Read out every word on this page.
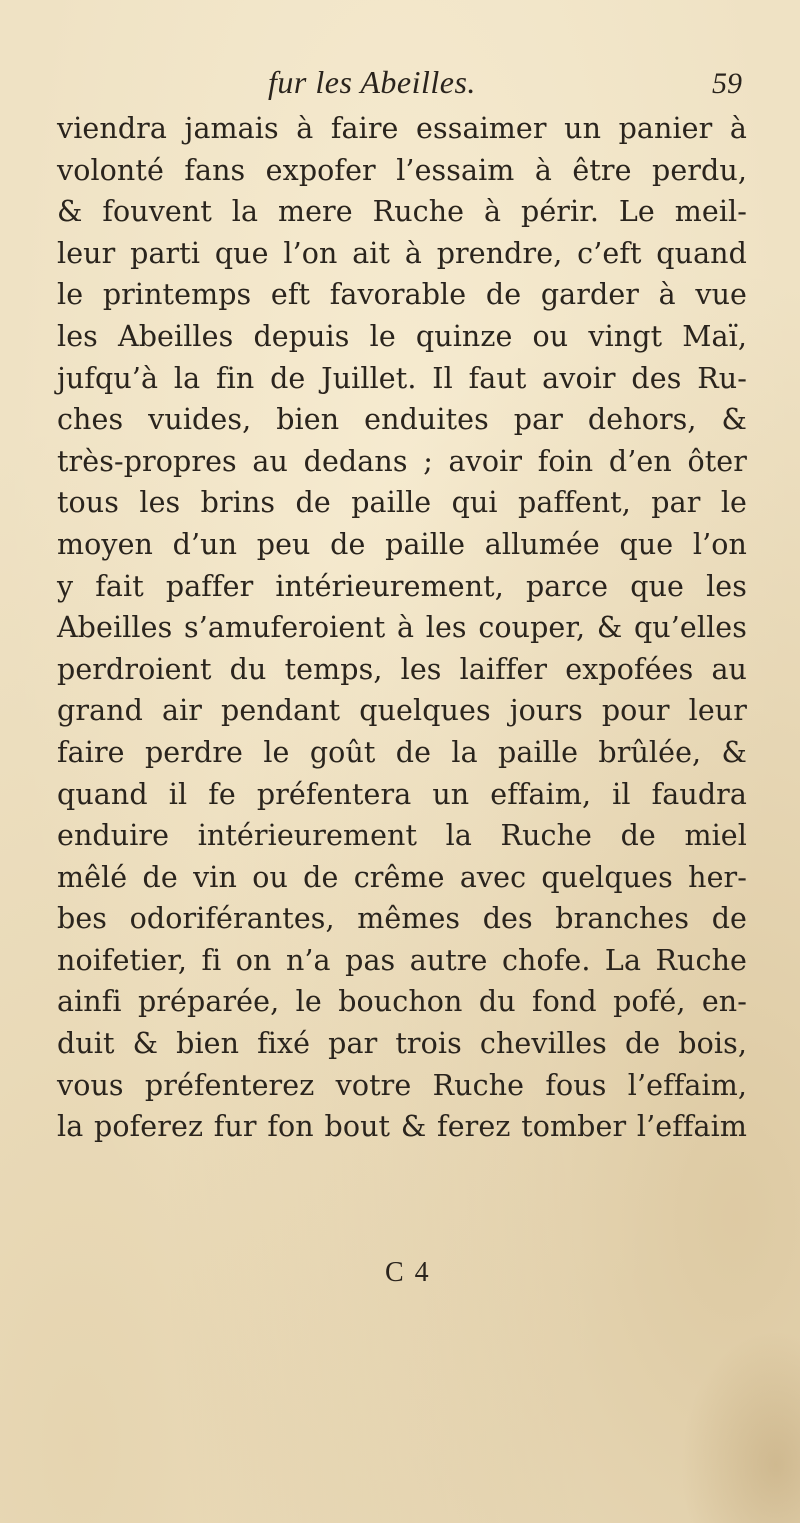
fur les Abeilles.	59
viendra jamais à faire essaimer un panier à
volonté fans expofer l’essaim à être perdu,
& fouvent la mere Ruche à périr. Le meil-
leur parti que l’on ait à prendre, c’eft quand
le printemps eft favorable de garder à vue
les Abeilles depuis le quinze ou vingt Maï,
jufqu’à la fin de Juillet. Il faut avoir des Ru-
ches vuides, bien enduites par dehors, &
très-propres au dedans ; avoir foin d’en ôter
tous les brins de paille qui paffent, par le
moyen d’un peu de paille allumée que l’on
y fait paffer intérieurement, parce que les
Abeilles s’amuferoient à les couper, & qu’elles
perdroient du temps, les laiffer expofées au
grand air pendant quelques jours pour leur
faire perdre le goût de la paille brûlée, &
quand il fe préfentera un effaim, il faudra
enduire intérieurement la Ruche de miel
mêlé de vin ou de crême avec quelques her-
bes odoriférantes, mêmes des branches de
noifetier, fi on n’a pas autre chofe. La Ruche
ainfi préparée, le bouchon du fond pofé, en-
duit & bien fixé par trois chevilles de bois,
vous préfenterez votre Ruche fous l’effaim,
la poferez fur fon bout & ferez tomber l’effaim
C 4
